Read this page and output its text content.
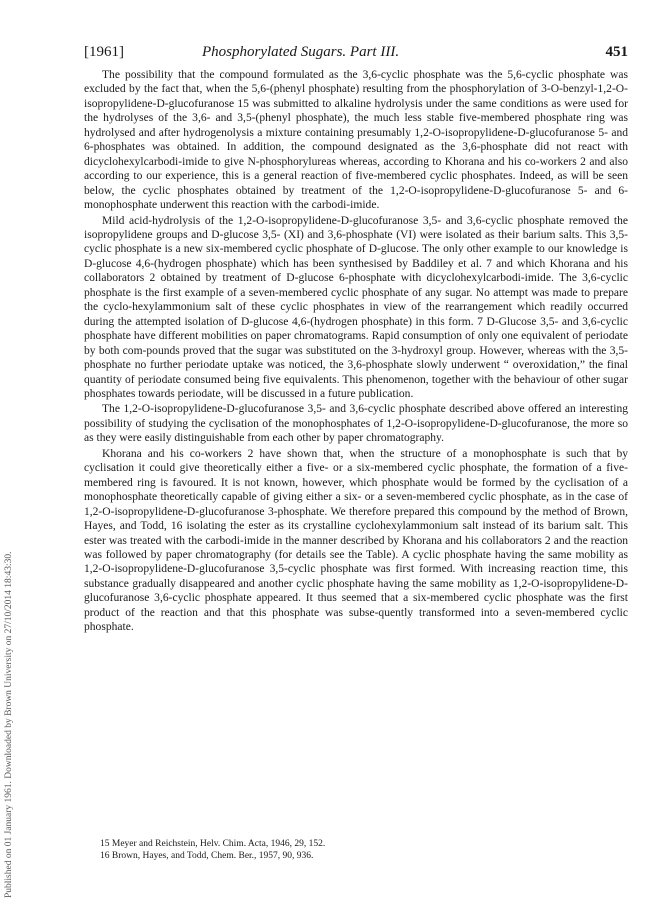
Published on 01 January 1961. Downloaded by Brown University on 27/10/2014 18:43:30.
[1961]	Phosphorylated Sugars. Part III.	451

The possibility that the compound formulated as the 3,6-cyclic phosphate was the 5,6-cyclic phosphate was excluded by the fact that, when the 5,6-(phenyl phosphate) resulting from the phosphorylation of 3-O-benzyl-1,2-O-isopropylidene-D-glucofuranose 15 was submitted to alkaline hydrolysis under the same conditions as were used for the hydrolyses of the 3,6- and 3,5-(phenyl phosphate), the much less stable five-membered phosphate ring was hydrolysed and after hydrogenolysis a mixture containing presumably 1,2-O-isopropylidene-D-glucofuranose 5- and 6-phosphates was obtained. In addition, the compound designated as the 3,6-phosphate did not react with dicyclohexylcarbodi-imide to give N-phosphorylureas whereas, according to Khorana and his co-workers 2 and also according to our experience, this is a general reaction of five-membered cyclic phosphates. Indeed, as will be seen below, the cyclic phosphates obtained by treatment of the 1,2-O-isopropylidene-D-glucofuranose 5- and 6-monophosphate underwent this reaction with the carbodi-imide.

Mild acid-hydrolysis of the 1,2-O-isopropylidene-D-glucofuranose 3,5- and 3,6-cyclic phosphate removed the isopropylidene groups and D-glucose 3,5- (XI) and 3,6-phosphate (VI) were isolated as their barium salts. This 3,5-cyclic phosphate is a new six-membered cyclic phosphate of D-glucose. The only other example to our knowledge is D-glucose 4,6-(hydrogen phosphate) which has been synthesised by Baddiley et al. 7 and which Khorana and his collaborators 2 obtained by treatment of D-glucose 6-phosphate with dicyclohexylcarbodi-imide. The 3,6-cyclic phosphate is the first example of a seven-membered cyclic phosphate of any sugar. No attempt was made to prepare the cyclo-hexylammonium salt of these cyclic phosphates in view of the rearrangement which readily occurred during the attempted isolation of D-glucose 4,6-(hydrogen phosphate) in this form. 7 D-Glucose 3,5- and 3,6-cyclic phosphate have different mobilities on paper chromatograms. Rapid consumption of only one equivalent of periodate by both com-pounds proved that the sugar was substituted on the 3-hydroxyl group. However, whereas with the 3,5-phosphate no further periodate uptake was noticed, the 3,6-phosphate slowly underwent “ overoxidation,” the final quantity of periodate consumed being five equivalents. This phenomenon, together with the behaviour of other sugar phosphates towards periodate, will be discussed in a future publication.

The 1,2-O-isopropylidene-D-glucofuranose 3,5- and 3,6-cyclic phosphate described above offered an interesting possibility of studying the cyclisation of the monophosphates of 1,2-O-isopropylidene-D-glucofuranose, the more so as they were easily distinguishable from each other by paper chromatography.

Khorana and his co-workers 2 have shown that, when the structure of a monophosphate is such that by cyclisation it could give theoretically either a five- or a six-membered cyclic phosphate, the formation of a five-membered ring is favoured. It is not known, however, which phosphate would be formed by the cyclisation of a monophosphate theoretically capable of giving either a six- or a seven-membered cyclic phosphate, as in the case of 1,2-O-isopropylidene-D-glucofuranose 3-phosphate. We therefore prepared this compound by the method of Brown, Hayes, and Todd, 16 isolating the ester as its crystalline cyclohexylammonium salt instead of its barium salt. This ester was treated with the carbodi-imide in the manner described by Khorana and his collaborators 2 and the reaction was followed by paper chromatography (for details see the Table). A cyclic phosphate having the same mobility as 1,2-O-isopropylidene-D-glucofuranose 3,5-cyclic phosphate was first formed. With increasing reaction time, this substance gradually disappeared and another cyclic phosphate having the same mobility as 1,2-O-isopropylidene-D-glucofuranose 3,6-cyclic phosphate appeared. It thus seemed that a six-membered cyclic phosphate was the first product of the reaction and that this phosphate was subse-quently transformed into a seven-membered cyclic phosphate.

15 Meyer and Reichstein, Helv. Chim. Acta, 1946, 29, 152.
16 Brown, Hayes, and Todd, Chem. Ber., 1957, 90, 936.
